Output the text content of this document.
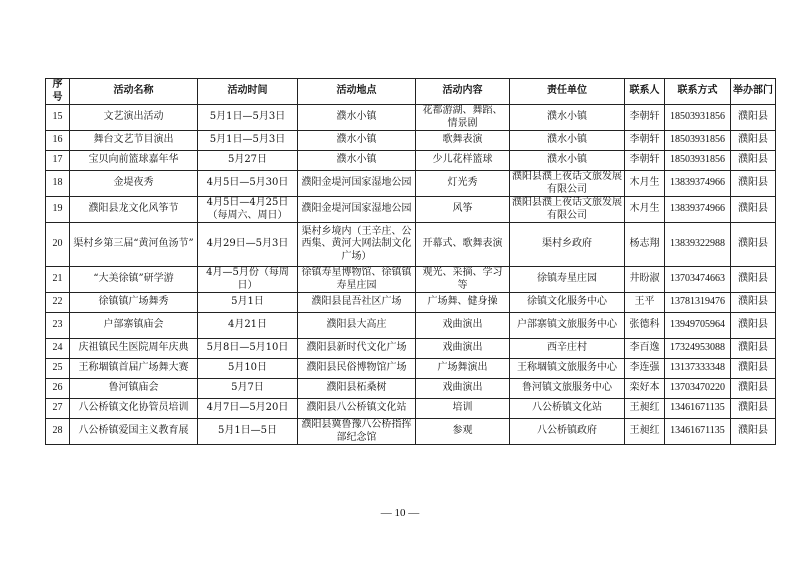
序号	活动名称	活动时间	活动地点	活动内容	责任单位	联系人	联系方式	举办部门
15	文艺演出活动	5月1日—5月3日	濮水小镇	花都游湖、舞蹈、情景剧	濮水小镇	李朝轩	18503931856	濮阳县
16	舞台文艺节目演出	5月1日—5月3日	濮水小镇	歌舞表演	濮水小镇	李朝轩	18503931856	濮阳县
17	宝贝向前篮球嘉年华	5月27日	濮水小镇	少儿花样篮球	濮水小镇	李朝轩	18503931856	濮阳县
18	金堤夜秀	4月5日—5月30日	濮阳金堤河国家湿地公园	灯光秀	濮阳县濮上夜话文旅发展有限公司	木月生	13839374966	濮阳县
19	濮阳县龙文化风筝节	4月5日—4月25日（每周六、周日）	濮阳金堤河国家湿地公园	风筝	濮阳县濮上夜话文旅发展有限公司	木月生	13839374966	濮阳县
20	渠村乡第三届“黄河鱼汤节”	4月29日—5月3日	渠村乡境内（王辛庄、公西集、黄河大网法制文化广场）	开幕式、歌舞表演	渠村乡政府	杨志翔	13839322988	濮阳县
21	“大美徐镇”研学游	4月—5月份（每周日）	徐镇寿星博物馆、徐镇镇寿星庄园	观光、采摘、学习等	徐镇寿星庄园	井盼淑	13703474663	濮阳县
22	徐镇镇广场舞秀	5月1日	濮阳县昆吾社区广场	广场舞、健身操	徐镇文化服务中心	王平	13781319476	濮阳县
23	户部寨镇庙会	4月21日	濮阳县大高庄	戏曲演出	户部寨镇文旅服务中心	张德科	13949705964	濮阳县
24	庆祖镇民生医院周年庆典	5月8日—5月10日	濮阳县新时代文化广场	戏曲演出	西辛庄村	李百逸	17324953088	濮阳县
25	王称堌镇首届广场舞大赛	5月10日	濮阳县民俗博物馆广场	广场舞演出	王称堌镇文旅服务中心	李连强	13137333348	濮阳县
26	鲁河镇庙会	5月7日	濮阳县柘桑树	戏曲演出	鲁河镇文旅服务中心	栾好本	13703470220	濮阳县
27	八公桥镇文化协管员培训	4月7日—5月20日	濮阳县八公桥镇文化站	培训	八公桥镇文化站	王昶红	13461671135	濮阳县
28	八公桥镇爱国主义教育展	5月1日—5日	濮阳县冀鲁豫八公桥指挥部纪念馆	参观	八公桥镇政府	王昶红	13461671135	濮阳县
— 10 —
